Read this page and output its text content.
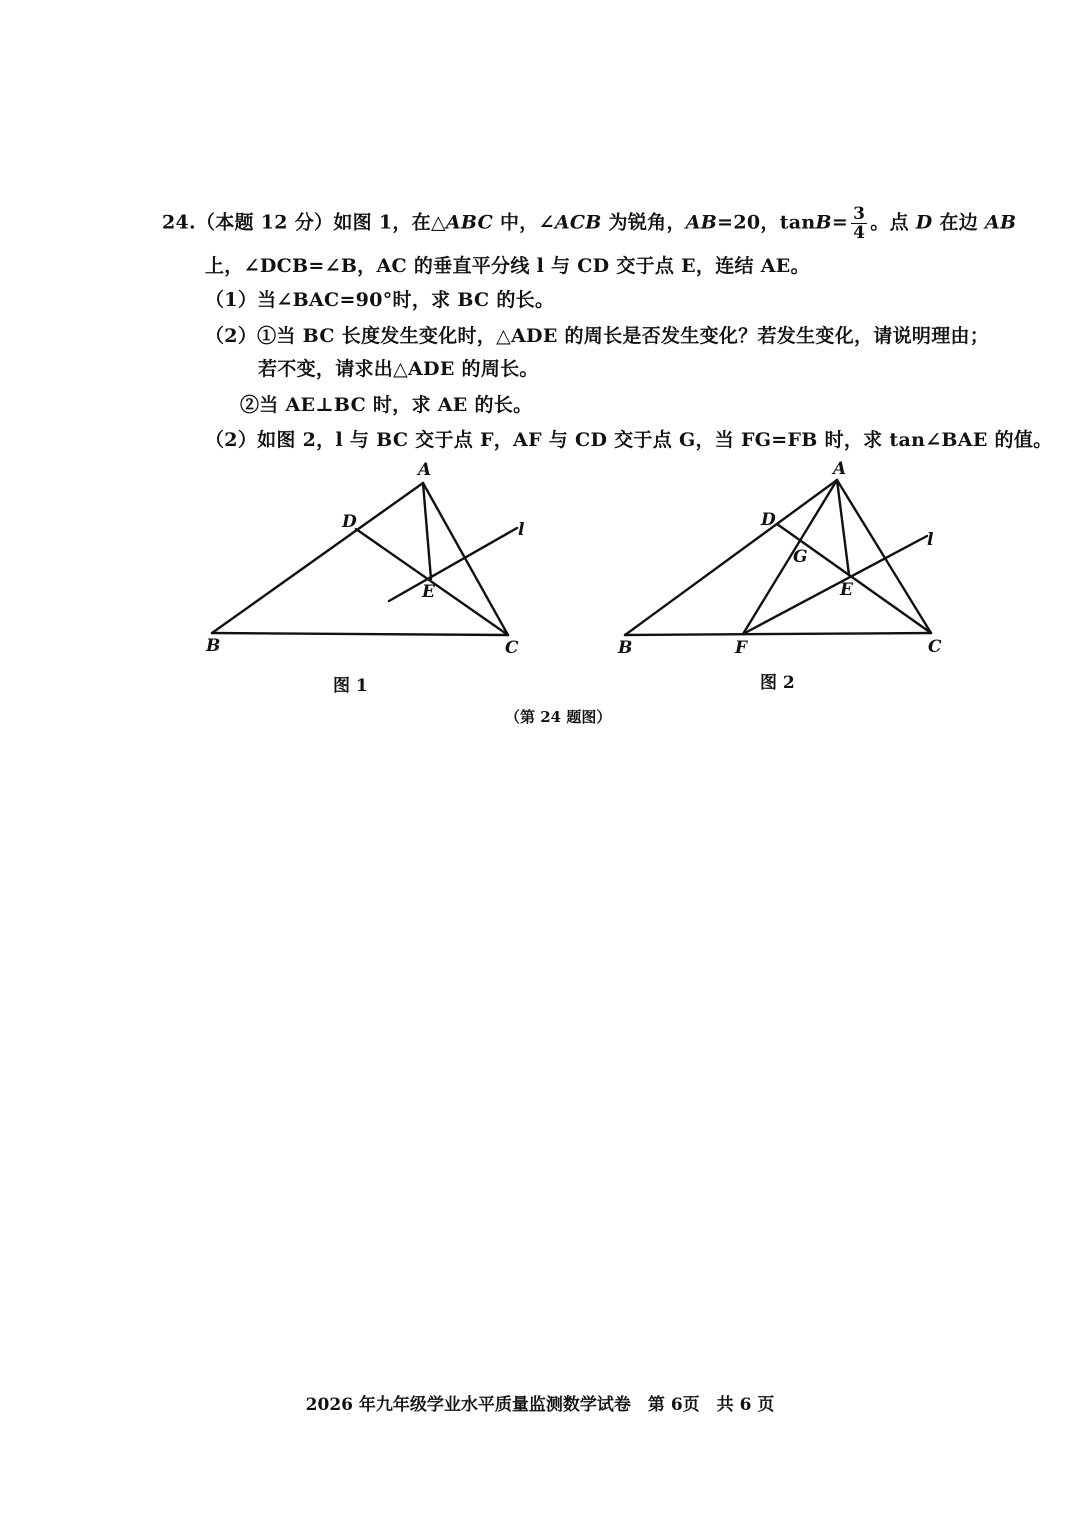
24.（本题 12 分）如图 1，在△ABC 中，∠ACB 为锐角，AB=20，$\tan B= \frac{3}{4}$ 。点 D 在边 AB
上，∠DCB=∠B，AC 的垂直平分线 l 与 CD 交于点 E，连结 AE。
（1）当∠BAC=90°时，求 BC 的长。
（2）①当 BC 长度发生变化时，△ADE 的周长是否发生变化？若发生变化，请说明理由；
若不变，请求出△ADE 的周长。
②当 AE⊥BC 时，求 AE 的长。
（2）如图 2，l 与 BC 交于点 F，AF 与 CD 交于点 G，当 FG=FB 时，求 tan∠BAE 的值。
A
B	C
D
E
l
图 1
A
B	C
D
E
F
G
l
图 2
（第 24 题图）
2026 年九年级学业水平质量监测数学试卷　第 6页　共 6 页
